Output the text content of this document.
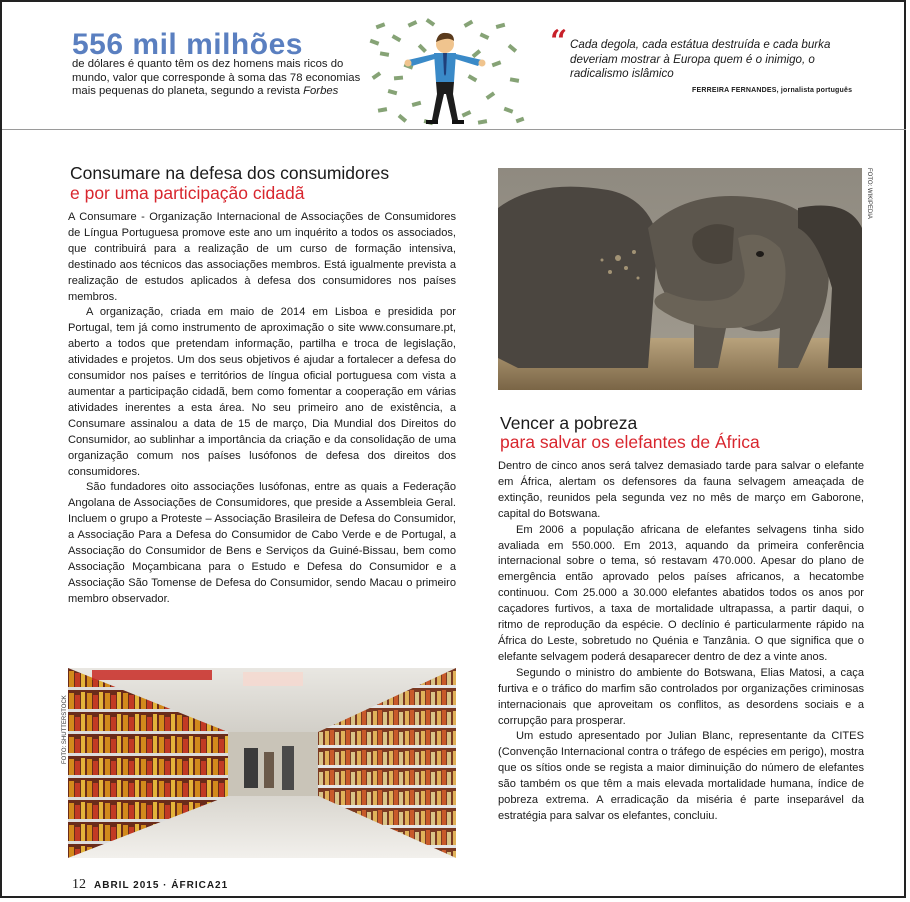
556 mil milhões
de dólares é quanto têm os dez homens mais ricos do mundo, valor que corresponde à soma das 78 economias mais pequenas do planeta, segundo a revista Forbes
“ Cada degola, cada estátua destruída e cada burka deveriam mostrar à Europa quem é o inimigo, o radicalismo islâmico
FERREIRA FERNANDES, jornalista português
Consumare na defesa dos consumidores
e por uma participação cidadã

A Consumare - Organização Internacional de Associações de Consumidores de Língua Portuguesa promove este ano um inquérito a todos os associados, que contribuirá para a realização de um curso de formação intensiva, destinado aos técnicos das associações membros. Está igualmente prevista a realização de estudos aplicados à defesa dos consumidores nos países membros.

A organização, criada em maio de 2014 em Lisboa e presidida por Portugal, tem já como instrumento de aproximação o site www.consumare.pt, aberto a todos que pretendam informação, partilha e troca de legislação, atividades e projetos. Um dos seus objetivos é ajudar a fortalecer a defesa do consumidor nos países e territórios de língua oficial portuguesa com vista a aumentar a participação cidadã, bem como fomentar a cooperação em várias atividades inerentes a esta área. No seu primeiro ano de existência, a Consumare assinalou a data de 15 de março, Dia Mundial dos Direitos do Consumidor, ao sublinhar a importância da criação e da consolidação de uma organização comum nos países lusófonos de defesa dos direitos dos consumidores.

São fundadores oito associações lusófonas, entre as quais a Federação Angolana de Associações de Consumidores, que preside a Assembleia Geral. Incluem o grupo a Proteste – Associação Brasileira de Defesa do Consumidor, a Associação Para a Defesa do Consumidor de Cabo Verde e de Portugal, a Associação do Consumidor de Bens e Serviços da Guiné-Bissau, bem como Associação Moçambicana para o Estudo e Defesa do Consumidor e a Associação São Tomense de Defesa do Consumidor, sendo Macau o primeiro membro observador.

FOTO: SHUTTERSTOCK
FOTO: WIKIPEDIA
Vencer a pobreza
para salvar os elefantes de África

Dentro de cinco anos será talvez demasiado tarde para salvar o elefante em África, alertam os defensores da fauna selvagem ameaçada de extinção, reunidos pela segunda vez no mês de março em Gaborone, capital do Botswana.

Em 2006 a população africana de elefantes selvagens tinha sido avaliada em 550.000. Em 2013, aquando da primeira conferência internacional sobre o tema, só restavam 470.000. Apesar do plano de emergência então aprovado pelos países africanos, a hecatombe continuou. Com 25.000 a 30.000 elefantes abatidos todos os anos por caçadores furtivos, a taxa de mortalidade ultrapassa, a partir daqui, o ritmo de reprodução da espécie. O declínio é particularmente rápido na África do Leste, sobretudo no Quénia e Tanzânia. O que significa que o elefante selvagem poderá desaparecer dentro de dez a vinte anos.

Segundo o ministro do ambiente do Botswana, Elias Matosi, a caça furtiva e o tráfico do marfim são controlados por organizações criminosas internacionais que aproveitam os conflitos, as desordens sociais e a corrupção para prosperar.

Um estudo apresentado por Julian Blanc, representante da CITES (Convenção Internacional contra o tráfego de espécies em perigo), mostra que os sítios onde se regista a maior diminuição do número de elefantes são também os que têm a mais elevada mortalidade humana, índice de pobreza extrema. A erradicação da miséria é parte inseparável da estratégia para salvar os elefantes, concluiu.

12 ABRIL 2015 · ÁFRICA21
